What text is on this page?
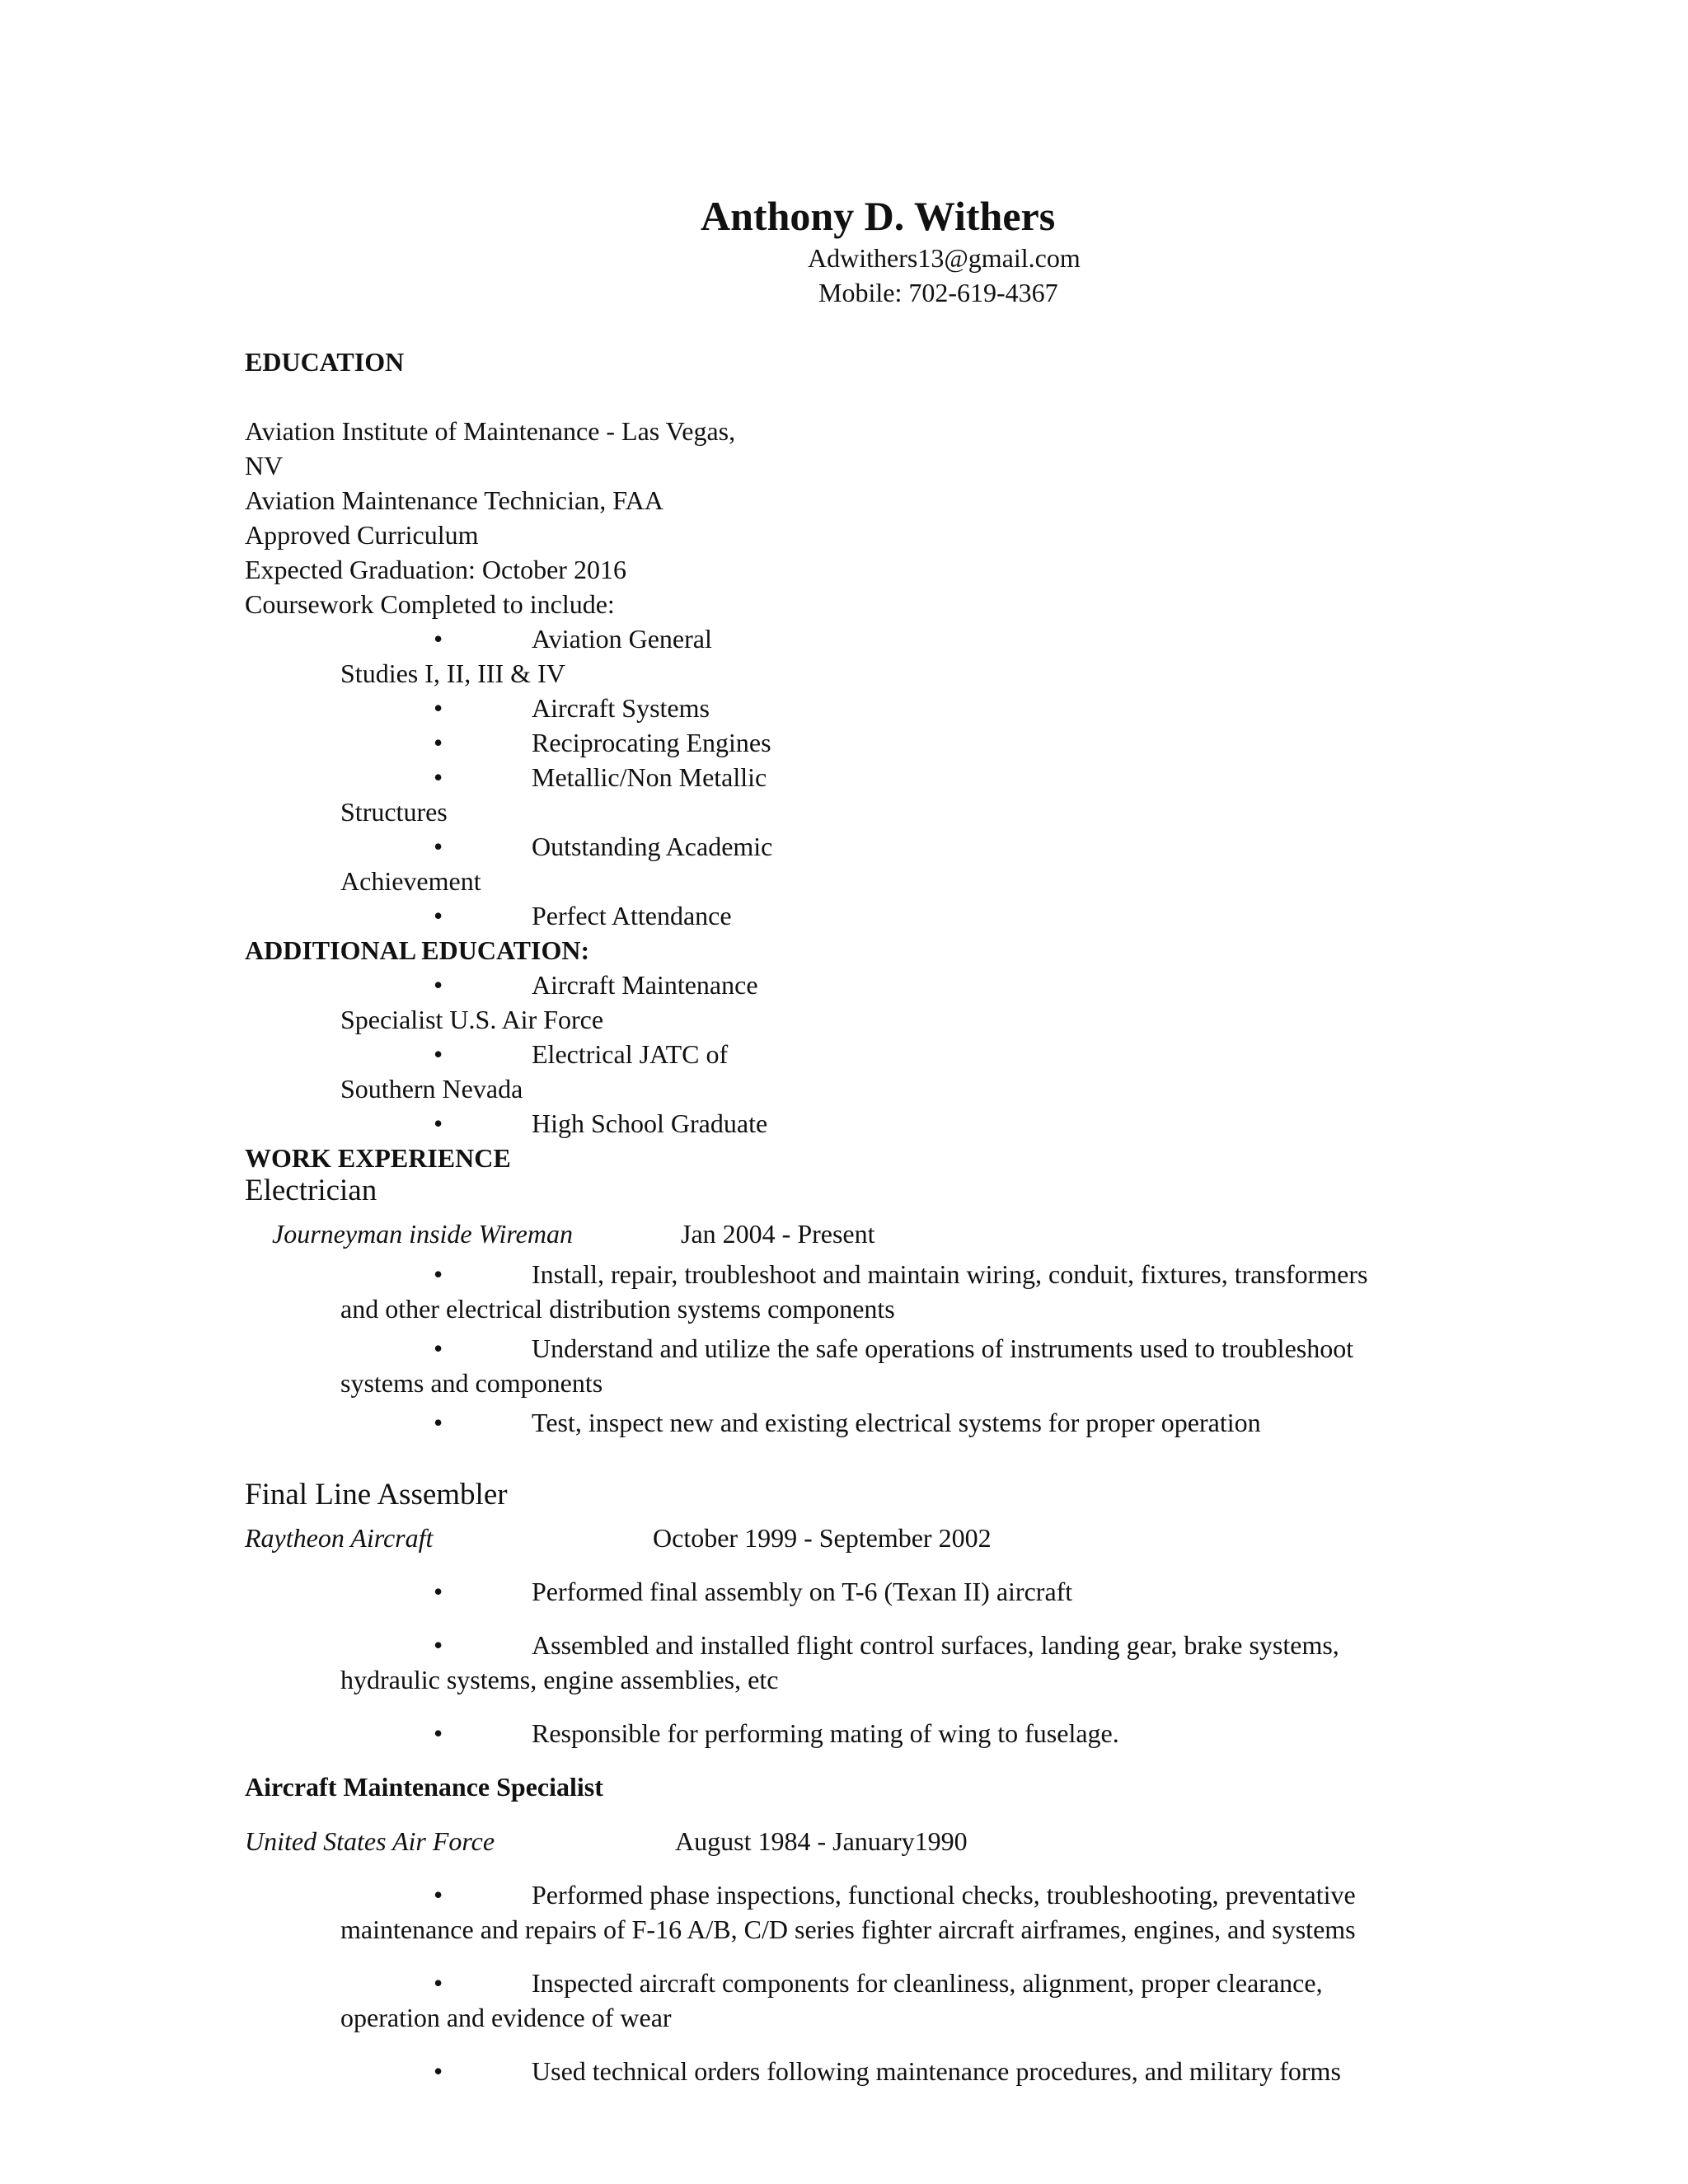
Anthony D. Withers
Adwithers13@gmail.com
Mobile: 702-619-4367
EDUCATION
Aviation Institute of Maintenance - Las Vegas,
NV
Aviation Maintenance Technician, FAA
Approved Curriculum
Expected Graduation: October 2016
Coursework Completed to include:
•	Aviation General
Studies I, II, III & IV
•	Aircraft Systems
•	Reciprocating Engines
•	Metallic/Non Metallic
Structures
•	Outstanding Academic
Achievement
•	Perfect Attendance
ADDITIONAL EDUCATION:
•	Aircraft Maintenance
Specialist U.S. Air Force
•	Electrical JATC of
Southern Nevada
•	High School Graduate
WORK EXPERIENCE
Electrician
Journeyman inside Wireman	Jan 2004 - Present
•	Install, repair, troubleshoot and maintain wiring, conduit, fixtures, transformers
and other electrical distribution systems components
•	Understand and utilize the safe operations of instruments used to troubleshoot
systems and components
•	Test, inspect new and existing electrical systems for proper operation
Final Line Assembler
Raytheon Aircraft	October 1999 - September 2002
•	Performed final assembly on T-6 (Texan II) aircraft
•	Assembled and installed flight control surfaces, landing gear, brake systems,
hydraulic systems, engine assemblies, etc
•	Responsible for performing mating of wing to fuselage.
Aircraft Maintenance Specialist
United States Air Force	August 1984 - January1990
•	Performed phase inspections, functional checks, troubleshooting, preventative
maintenance and repairs of F-16 A/B, C/D series fighter aircraft airframes, engines, and systems
•	Inspected aircraft components for cleanliness, alignment, proper clearance,
operation and evidence of wear
•	Used technical orders following maintenance procedures, and military forms
